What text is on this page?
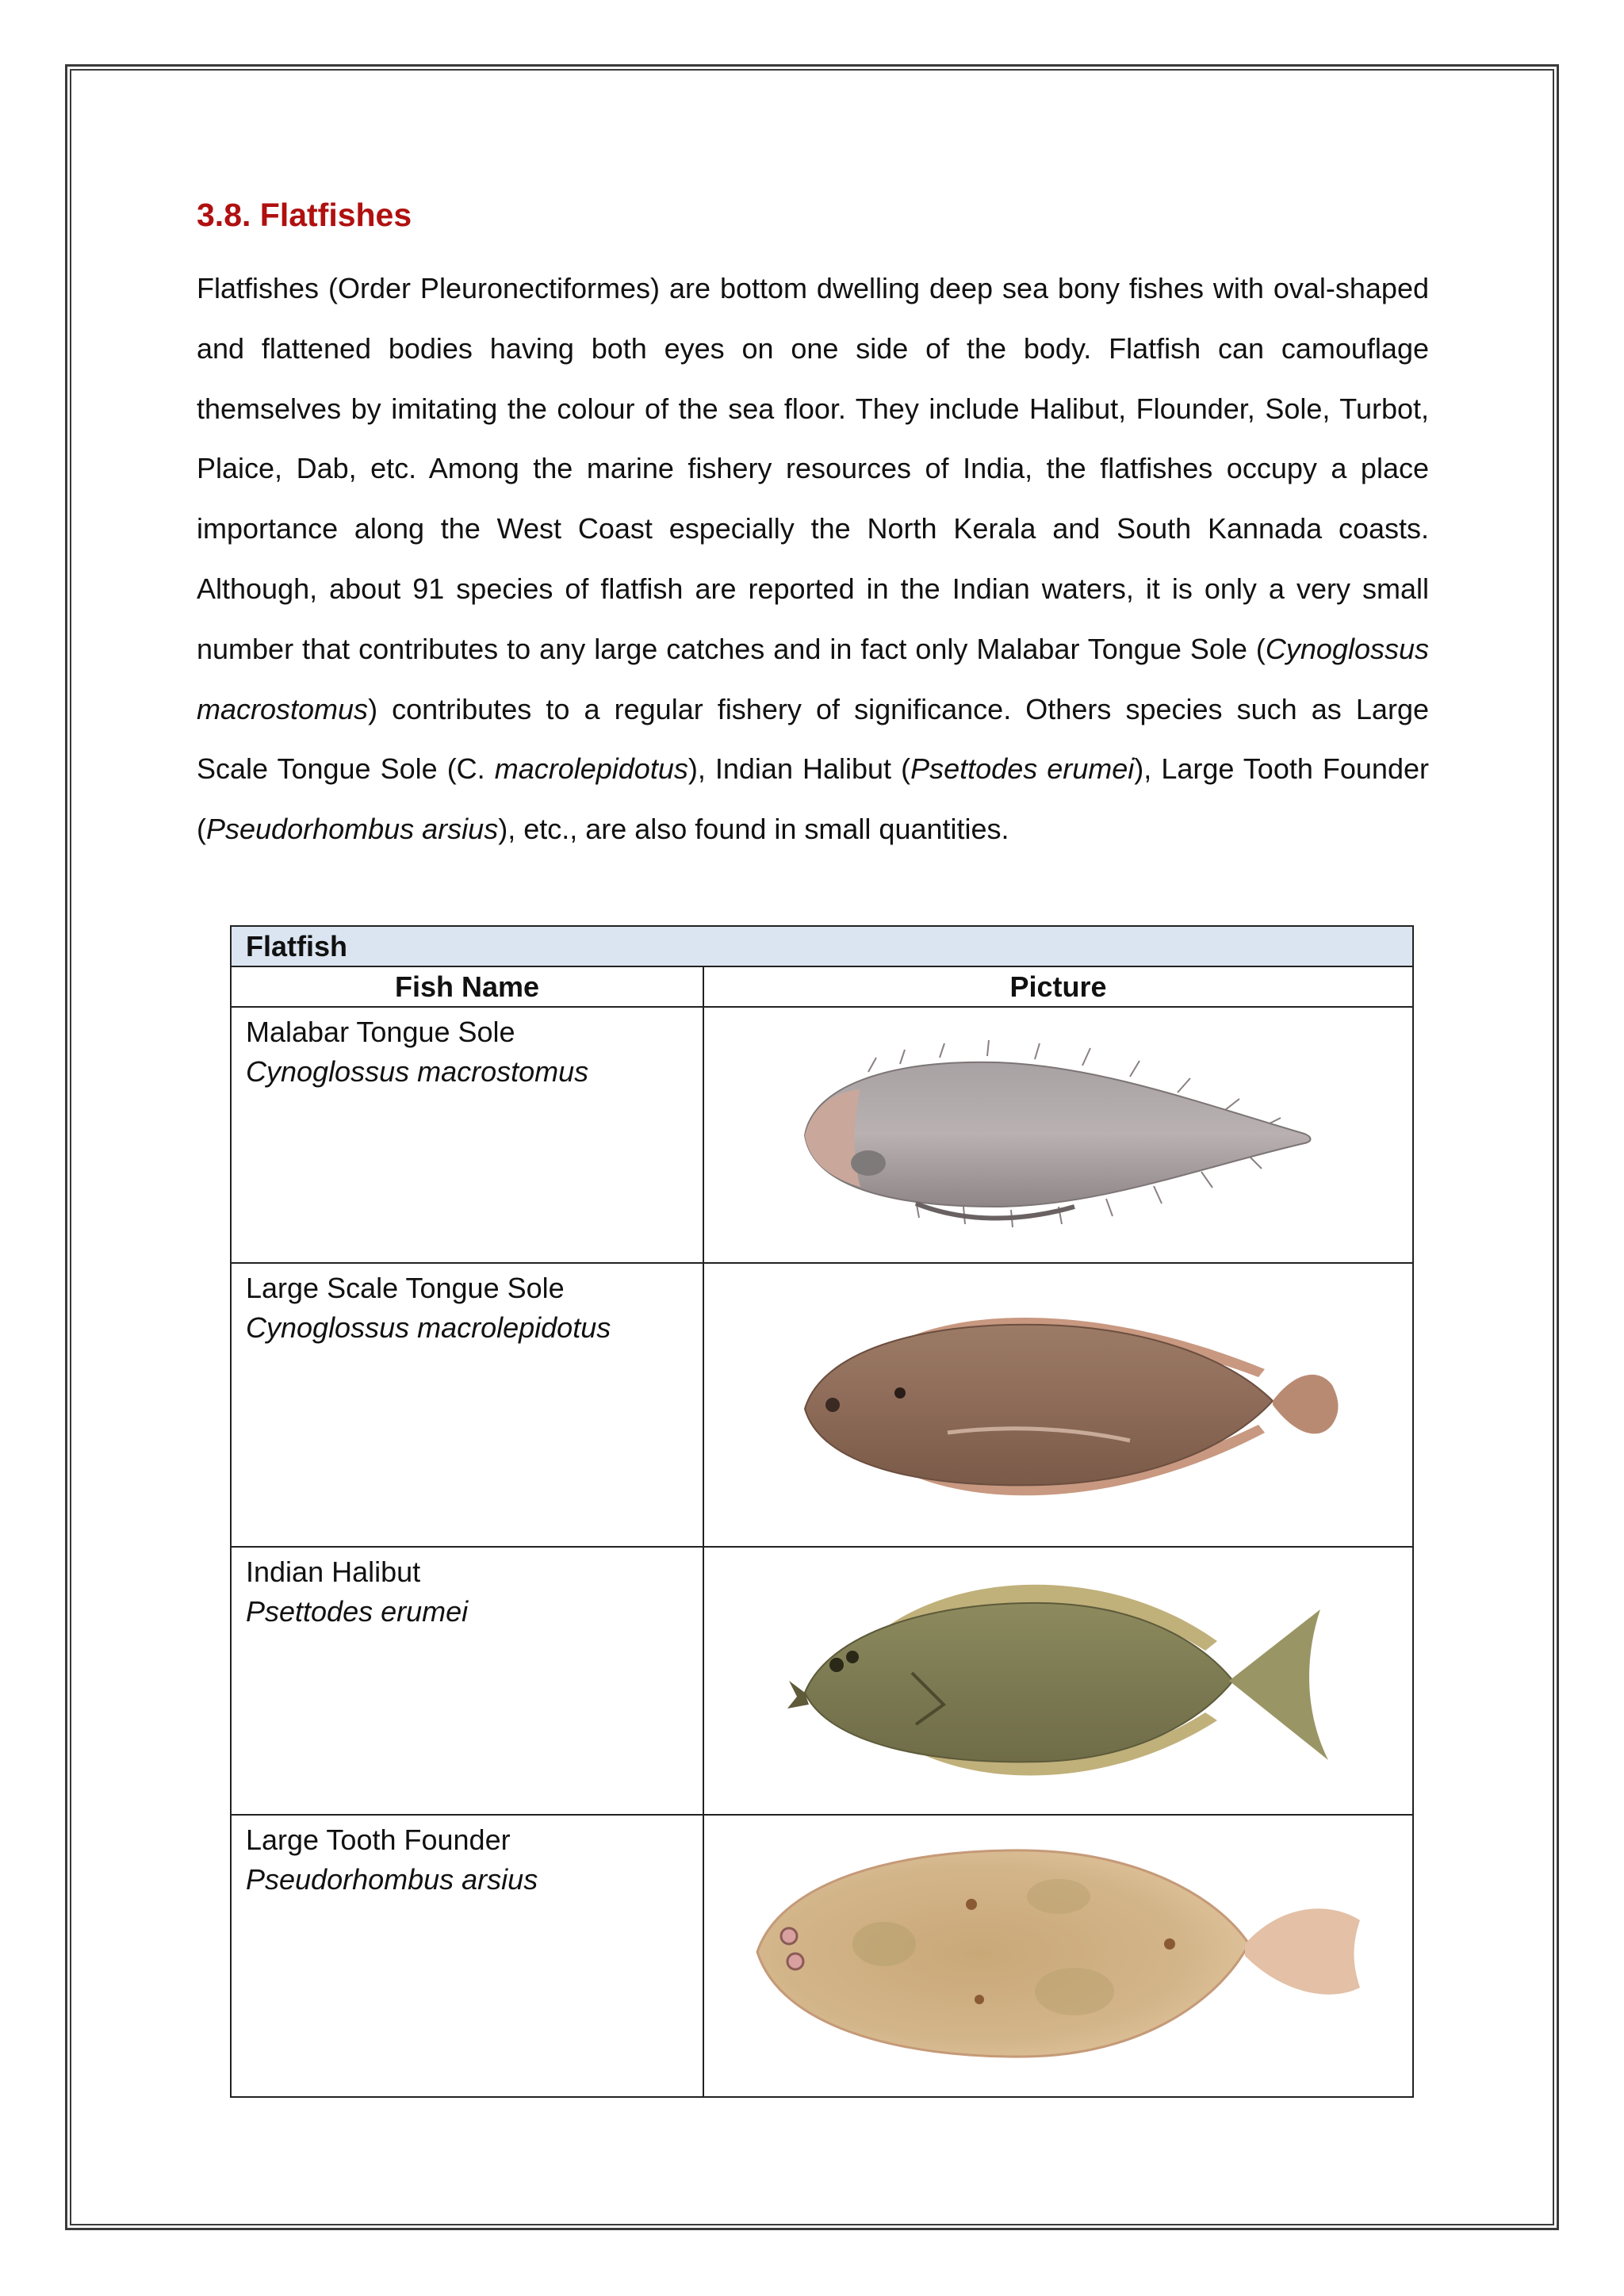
3.8. Flatfishes

Flatfishes (Order Pleuronectiformes) are bottom dwelling deep sea bony fishes with oval-shaped and flattened bodies having both eyes on one side of the body. Flatfish can camouflage themselves by imitating the colour of the sea floor. They include Halibut, Flounder, Sole, Turbot, Plaice, Dab, etc. Among the marine fishery resources of India, the flatfishes occupy a place importance along the West Coast especially the North Kerala and South Kannada coasts. Although, about 91 species of flatfish are reported in the Indian waters, it is only a very small number that contributes to any large catches and in fact only Malabar Tongue Sole (Cynoglossus macrostomus) contributes to a regular fishery of significance. Others species such as Large Scale Tongue Sole (C. macrolepidotus), Indian Halibut (Psettodes erumei), Large Tooth Founder (Pseudorhombus arsius), etc., are also found in small quantities.

Flatfish	
Fish Name	Picture

Malabar Tongue Sole
Cynoglossus macrostomus

Large Scale Tongue Sole
Cynoglossus macrolepidotus

Indian Halibut
Psettodes erumei

Large Tooth Founder
Pseudorhombus arsius
